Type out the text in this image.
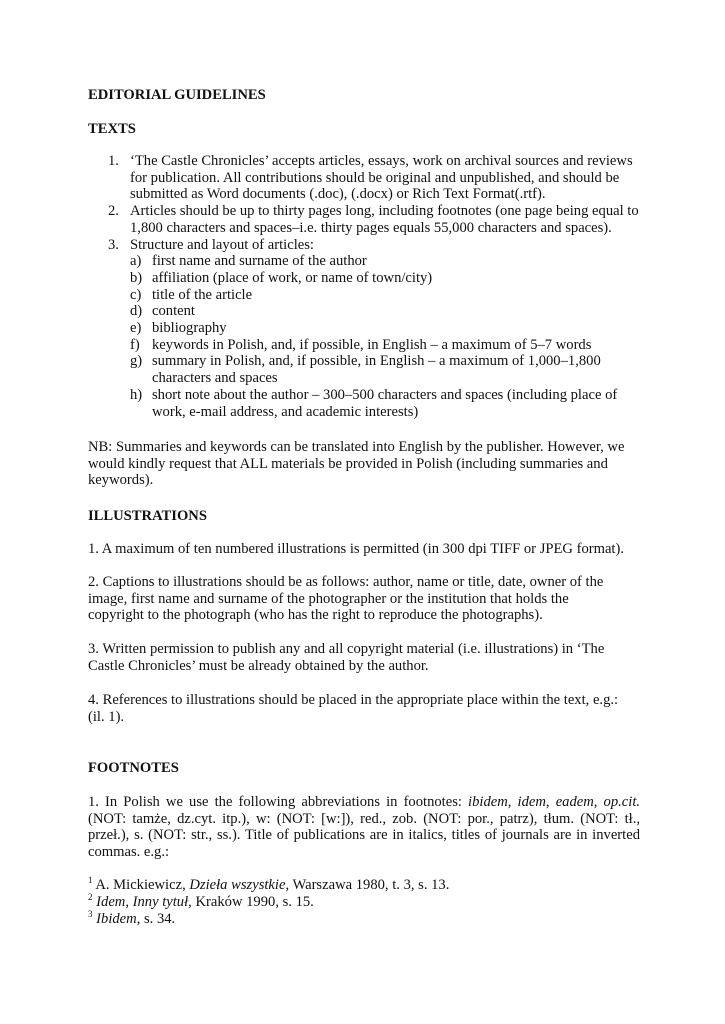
EDITORIAL GUIDELINES
TEXTS
1. ‘The Castle Chronicles’ accepts articles, essays, work on archival sources and reviews for publication. All contributions should be original and unpublished, and should be submitted as Word documents (.doc), (.docx) or Rich Text Format(.rtf).
2. Articles should be up to thirty pages long, including footnotes (one page being equal to 1,800 characters and spaces–i.e. thirty pages equals 55,000 characters and spaces).
3. Structure and layout of articles:
a) first name and surname of the author
b) affiliation (place of work, or name of town/city)
c) title of the article
d) content
e) bibliography
f) keywords in Polish, and, if possible, in English – a maximum of 5–7 words
g) summary in Polish, and, if possible, in English – a maximum of 1,000–1,800 characters and spaces
h) short note about the author – 300–500 characters and spaces (including place of work, e-mail address, and academic interests)
NB: Summaries and keywords can be translated into English by the publisher. However, we would kindly request that ALL materials be provided in Polish (including summaries and keywords).
ILLUSTRATIONS
1. A maximum of ten numbered illustrations is permitted (in 300 dpi TIFF or JPEG format).
2. Captions to illustrations should be as follows: author, name or title, date, owner of the image, first name and surname of the photographer or the institution that holds the copyright to the photograph (who has the right to reproduce the photographs).
3. Written permission to publish any and all copyright material (i.e. illustrations) in ‘The Castle Chronicles’ must be already obtained by the author.
4. References to illustrations should be placed in the appropriate place within the text, e.g.: (il. 1).
FOOTNOTES
1. In Polish we use the following abbreviations in footnotes: ibidem, idem, eadem, op.cit. (NOT: tamże, dz.cyt. itp.), w: (NOT: [w:]), red., zob. (NOT: por., patrz), tłum. (NOT: tł., przeł.), s. (NOT: str., ss.). Title of publications are in italics, titles of journals are in inverted commas. e.g.:
$^1$ A. Mickiewicz, Dzieła wszystkie, Warszawa 1980, t. 3, s. 13.
$^2$ Idem, Inny tytuł, Kraków 1990, s. 15.
$^3$ Ibidem, s. 34.
